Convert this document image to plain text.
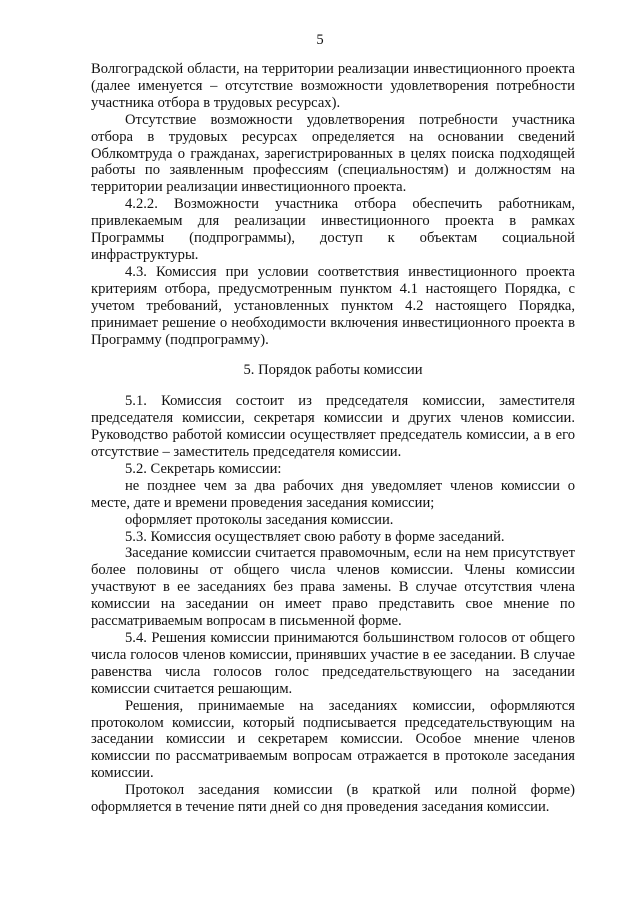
5

Волгоградской области, на территории реализации инвестиционного проекта (далее именуется – отсутствие возможности удовлетворения потребности участника отбора в трудовых ресурсах).

Отсутствие возможности удовлетворения потребности участника отбора в трудовых ресурсах определяется на основании сведений Облкомтруда о гражданах, зарегистрированных в целях поиска подходящей работы по заявленным профессиям (специальностям) и должностям на территории реализации инвестиционного проекта.

4.2.2. Возможности участника отбора обеспечить работникам, привлекаемым для реализации инвестиционного проекта в рамках Программы (подпрограммы), доступ к объектам социальной инфраструктуры.

4.3. Комиссия при условии соответствия инвестиционного проекта критериям отбора, предусмотренным пунктом 4.1 настоящего Порядка, с учетом требований, установленных пунктом 4.2 настоящего Порядка, принимает решение о необходимости включения инвестиционного проекта в Программу (подпрограмму).

5. Порядок работы комиссии

5.1. Комиссия состоит из председателя комиссии, заместителя председателя комиссии, секретаря комиссии и других членов комиссии. Руководство работой комиссии осуществляет председатель комиссии, а в его отсутствие – заместитель председателя комиссии.

5.2. Секретарь комиссии:

не позднее чем за два рабочих дня уведомляет членов комиссии о месте, дате и времени проведения заседания комиссии;

оформляет протоколы заседания комиссии.

5.3. Комиссия осуществляет свою работу в форме заседаний.

Заседание комиссии считается правомочным, если на нем присутствует более половины от общего числа членов комиссии. Члены комиссии участвуют в ее заседаниях без права замены. В случае отсутствия члена комиссии на заседании он имеет право представить свое мнение по рассматриваемым вопросам в письменной форме.

5.4. Решения комиссии принимаются большинством голосов от общего числа голосов членов комиссии, принявших участие в ее заседании. В случае равенства числа голосов голос председательствующего на заседании комиссии считается решающим.

Решения, принимаемые на заседаниях комиссии, оформляются протоколом комиссии, который подписывается председательствующим на заседании комиссии и секретарем комиссии. Особое мнение членов комиссии по рассматриваемым вопросам отражается в протоколе заседания комиссии.

Протокол заседания комиссии (в краткой или полной форме) оформляется в течение пяти дней со дня проведения заседания комиссии.
